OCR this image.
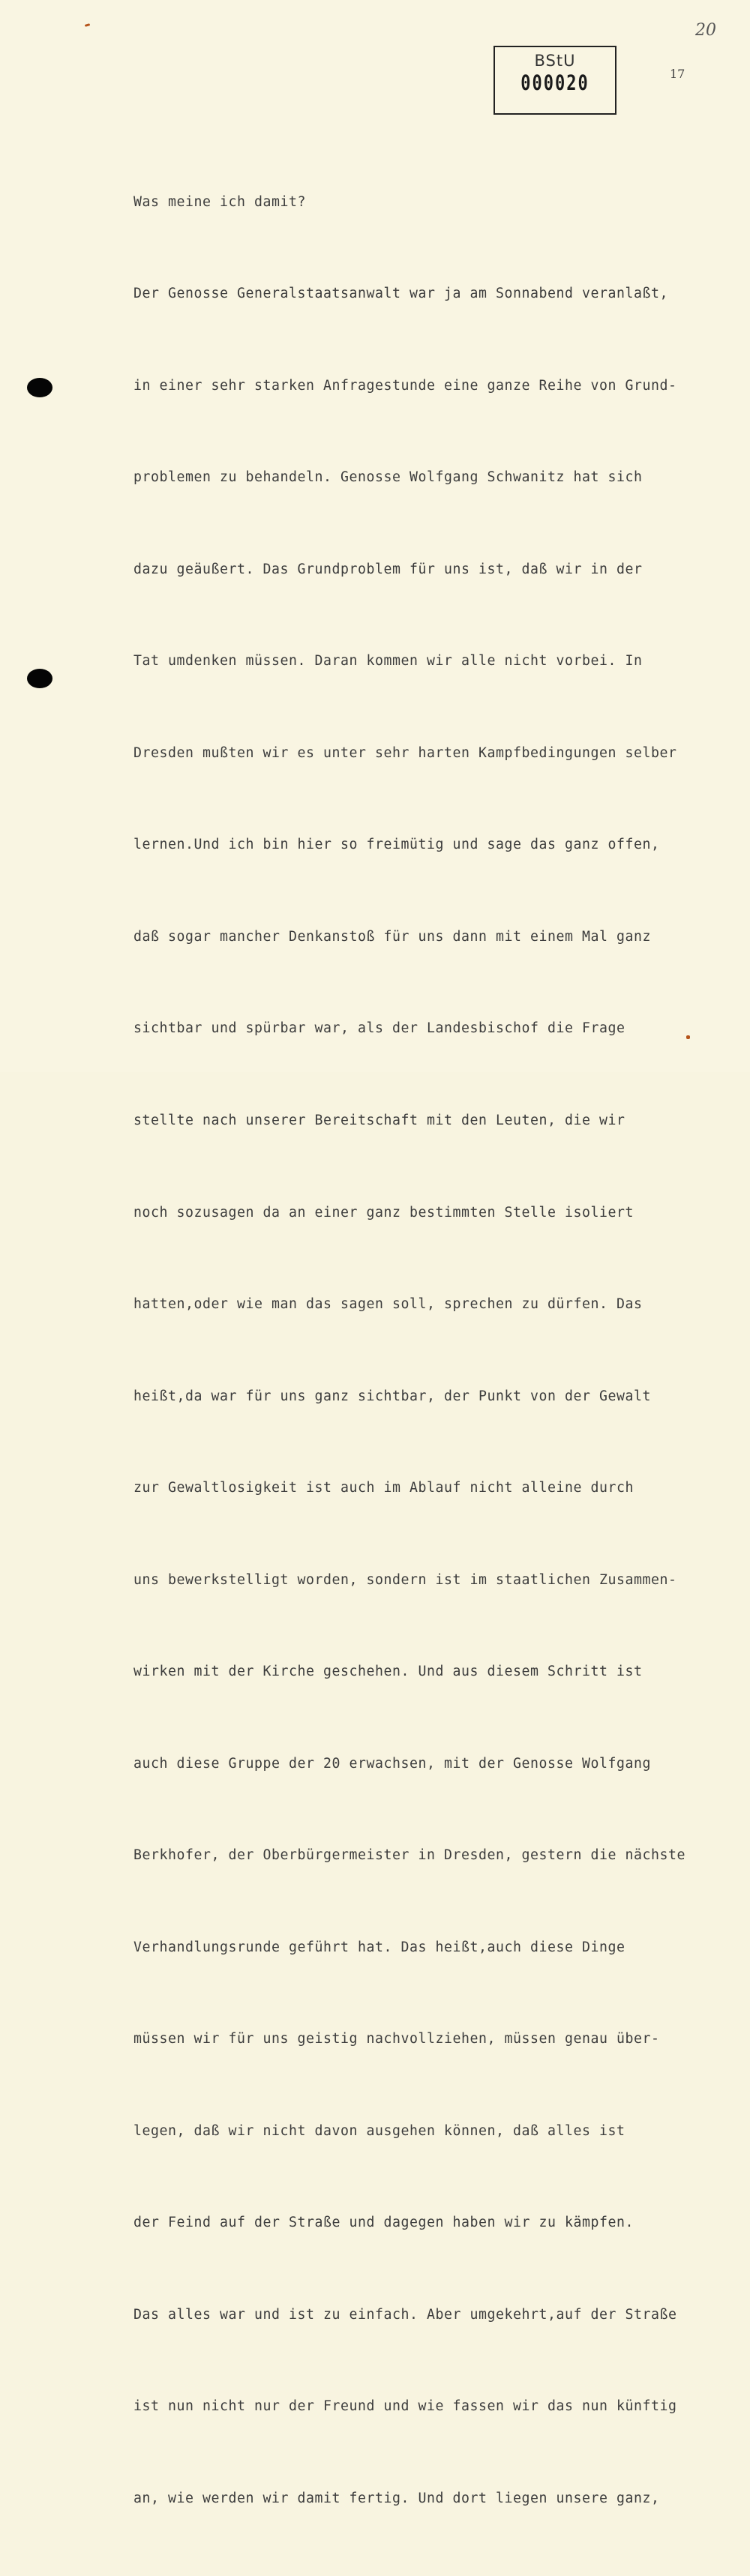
20
BStU
000020	17

Was meine ich damit?

Der Genosse Generalstaatsanwalt war ja am Sonnabend veranlaßt,

in einer sehr starken Anfragestunde eine ganze Reihe von Grund-

problemen zu behandeln. Genosse Wolfgang Schwanitz hat sich

dazu geäußert. Das Grundproblem für uns ist, daß wir in der

Tat umdenken müssen. Daran kommen wir alle nicht vorbei. In

Dresden mußten wir es unter sehr harten Kampfbedingungen selber

lernen.Und ich bin hier so freimütig und sage das ganz offen,

daß sogar mancher Denkanstoß für uns dann mit einem Mal ganz

sichtbar und spürbar war, als der Landesbischof die Frage

stellte nach unserer Bereitschaft mit den Leuten, die wir

noch sozusagen da an einer ganz bestimmten Stelle isoliert

hatten,oder wie man das sagen soll, sprechen zu dürfen. Das

heißt,da war für uns ganz sichtbar, der Punkt von der Gewalt

zur Gewaltlosigkeit ist auch im Ablauf nicht alleine durch

uns bewerkstelligt worden, sondern ist im staatlichen Zusammen-

wirken mit der Kirche geschehen. Und aus diesem Schritt ist

auch diese Gruppe der 20 erwachsen, mit der Genosse Wolfgang

Berkhofer, der Oberbürgermeister in Dresden, gestern die nächste

Verhandlungsrunde geführt hat. Das heißt,auch diese Dinge

müssen wir für uns geistig nachvollziehen, müssen genau über-

legen, daß wir nicht davon ausgehen können, daß alles ist

der Feind auf der Straße und dagegen haben wir zu kämpfen.

Das alles war und ist zu einfach. Aber umgekehrt,auf der Straße

ist nun nicht nur der Freund und wie fassen wir das nun künftig

an, wie werden wir damit fertig. Und dort liegen unsere ganz,
